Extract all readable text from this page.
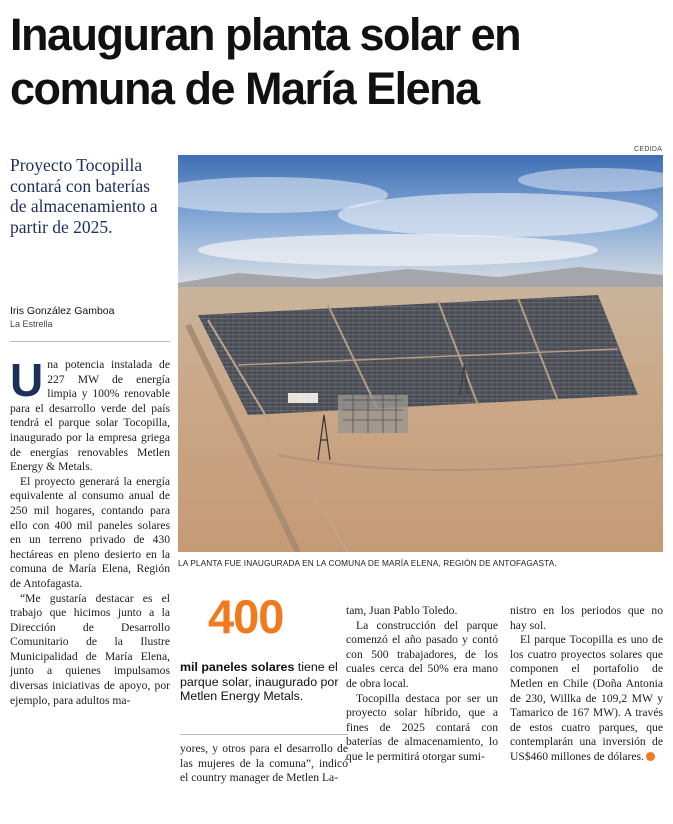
Inauguran planta solar en comuna de María Elena
CEDIDA
Proyecto Tocopilla contará con baterías de almacenamiento a partir de 2025.
Iris González Gamboa
La Estrella
LA PLANTA FUE INAUGURADA EN LA COMUNA DE MARÍA ELENA, REGIÓN DE ANTOFAGASTA.

Una potencia instalada de 227 MW de energía limpia y 100% renovable para el desarrollo verde del país tendrá el parque solar Tocopilla, inaugurado por la empresa griega de energías renovables Metlen Energy & Metals.

El proyecto generará la energía equivalente al consumo anual de 250 mil hogares, contando para ello con 400 mil paneles solares en un terreno privado de 430 hectáreas en pleno desierto en la comuna de María Elena, Región de Antofagasta.

“Me gustaría destacar es el trabajo que hicimos junto a la Dirección de Desarrollo Comunitario de la Ilustre Municipalidad de María Elena, junto a quienes impulsamos diversas iniciativas de apoyo, por ejemplo, para adultos ma-

400
mil paneles solares tiene el parque solar, inaugurado por Metlen Energy Metals.

yores, y otros para el desarrollo de las mujeres de la comuna”, indicó el country manager de Metlen La-

tam, Juan Pablo Toledo.

La construcción del parque comenzó el año pasado y contó con 500 trabajadores, de los cuales cerca del 50% era mano de obra local.

Tocopilla destaca por ser un proyecto solar híbrido, que a fines de 2025 contará con baterías de almacenamiento, lo que le permitirá otorgar sumi-

nistro en los periodos que no hay sol.

El parque Tocopilla es uno de los cuatro proyectos solares que componen el portafolio de Metlen en Chile (Doña Antonia de 230, Willka de 109,2 MW y Tamarico de 167 MW). A través de estos cuatro parques, que contemplarán una inversión de US$460 millones de dólares.
